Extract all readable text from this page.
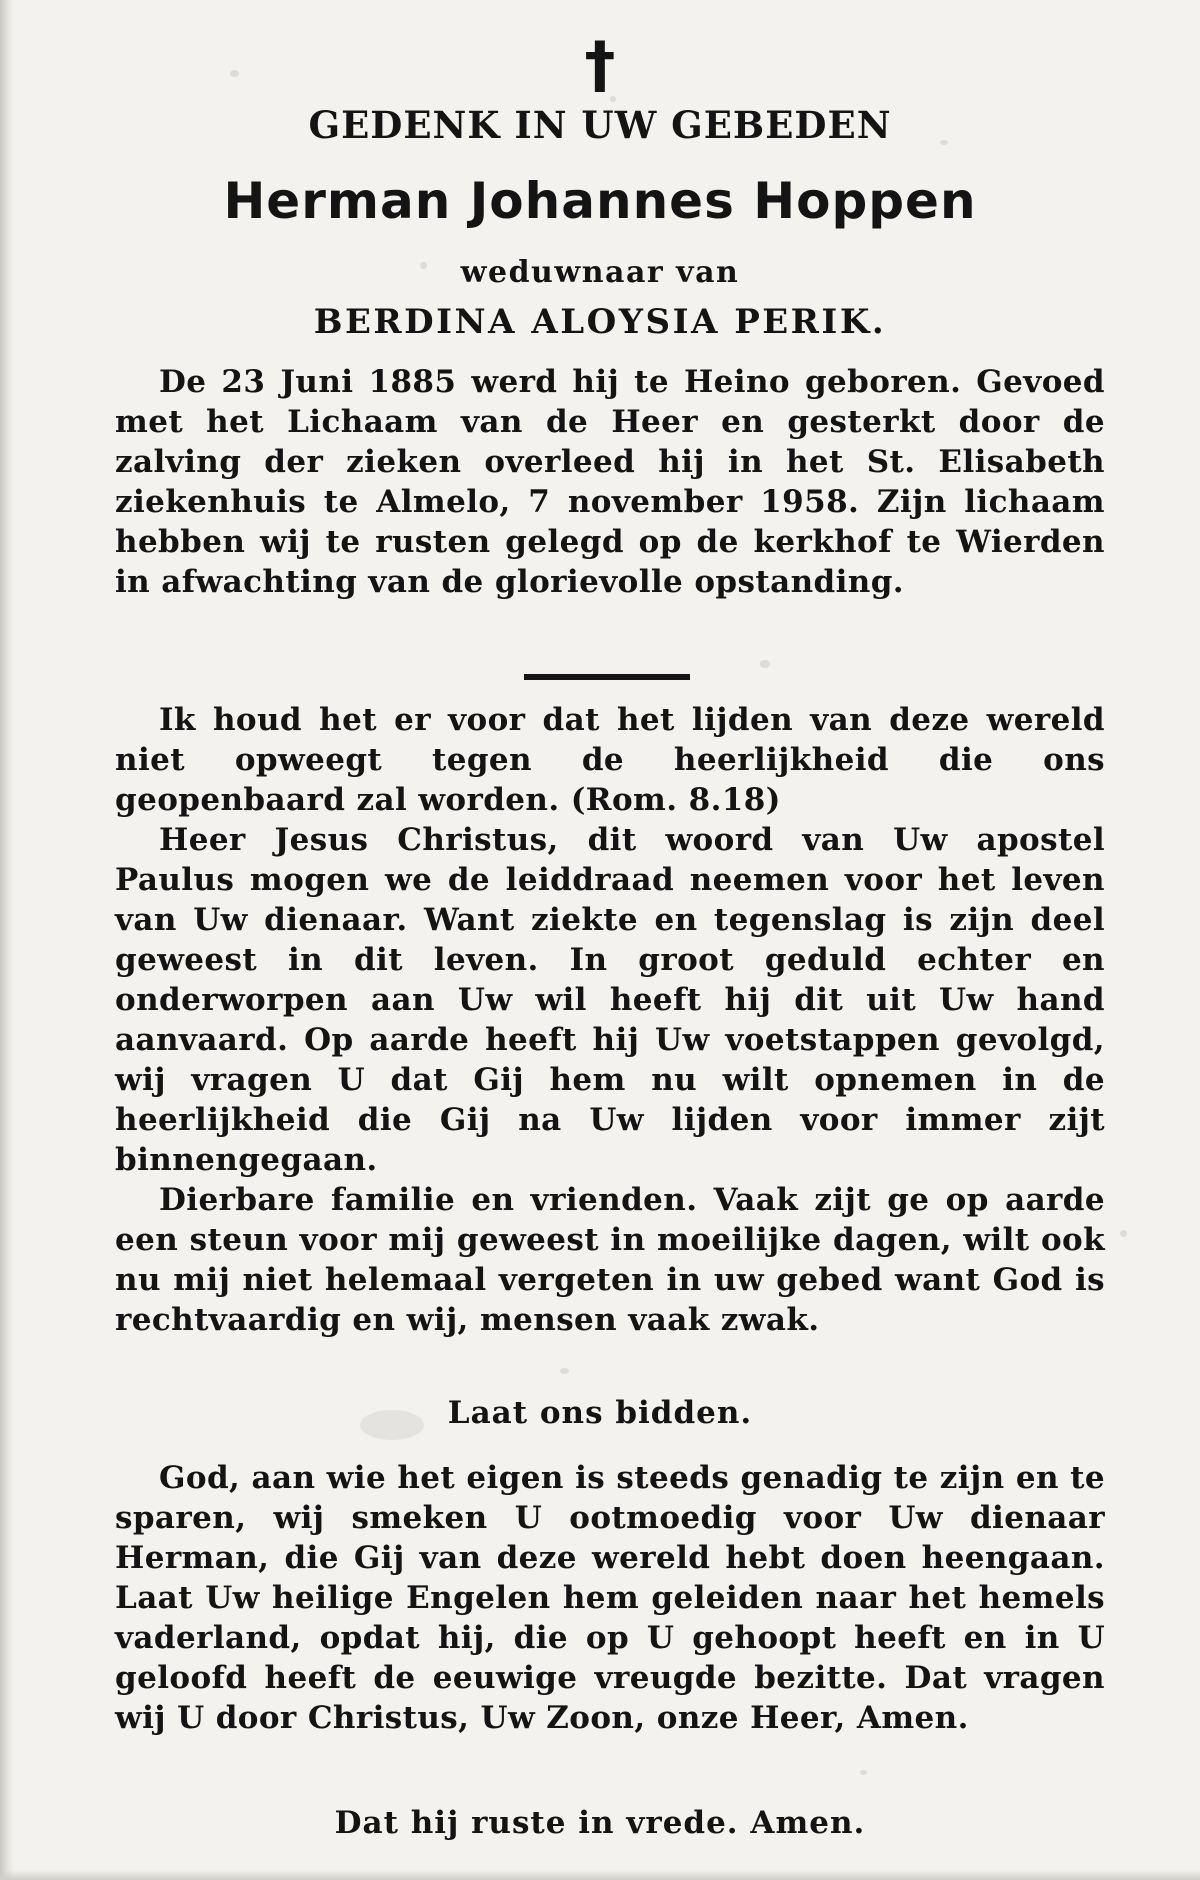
†
GEDENK IN UW GEBEDEN
Herman Johannes Hoppen
weduwnaar van
BERDINA ALOYSIA PERIK.

De 23 Juni 1885 werd hij te Heino geboren. Gevoed met het Lichaam van de Heer en gesterkt door de zalving der zieken overleed hij in het St. Elisabeth ziekenhuis te Almelo, 7 november 1958. Zijn lichaam hebben wij te rusten gelegd op de kerkhof te Wierden in afwachting van de glorievolle opstanding.

Ik houd het er voor dat het lijden van deze wereld niet opweegt tegen de heerlijkheid die ons geopenbaard zal worden. (Rom. 8.18)

Heer Jesus Christus, dit woord van Uw apostel Paulus mogen we de leiddraad neemen voor het leven van Uw dienaar. Want ziekte en tegenslag is zijn deel geweest in dit leven. In groot geduld echter en onderworpen aan Uw wil heeft hij dit uit Uw hand aanvaard. Op aarde heeft hij Uw voetstappen gevolgd, wij vragen U dat Gij hem nu wilt opnemen in de heerlijkheid die Gij na Uw lijden voor immer zijt binnengegaan.

Dierbare familie en vrienden. Vaak zijt ge op aarde een steun voor mij geweest in moeilijke dagen, wilt ook nu mij niet helemaal vergeten in uw gebed want God is rechtvaardig en wij, mensen vaak zwak.

Laat ons bidden.

God, aan wie het eigen is steeds genadig te zijn en te sparen, wij smeken U ootmoedig voor Uw dienaar Herman, die Gij van deze wereld hebt doen heengaan. Laat Uw heilige Engelen hem geleiden naar het hemels vaderland, opdat hij, die op U gehoopt heeft en in U geloofd heeft de eeuwige vreugde bezitte. Dat vragen wij U door Christus, Uw Zoon, onze Heer, Amen.

Dat hij ruste in vrede. Amen.
